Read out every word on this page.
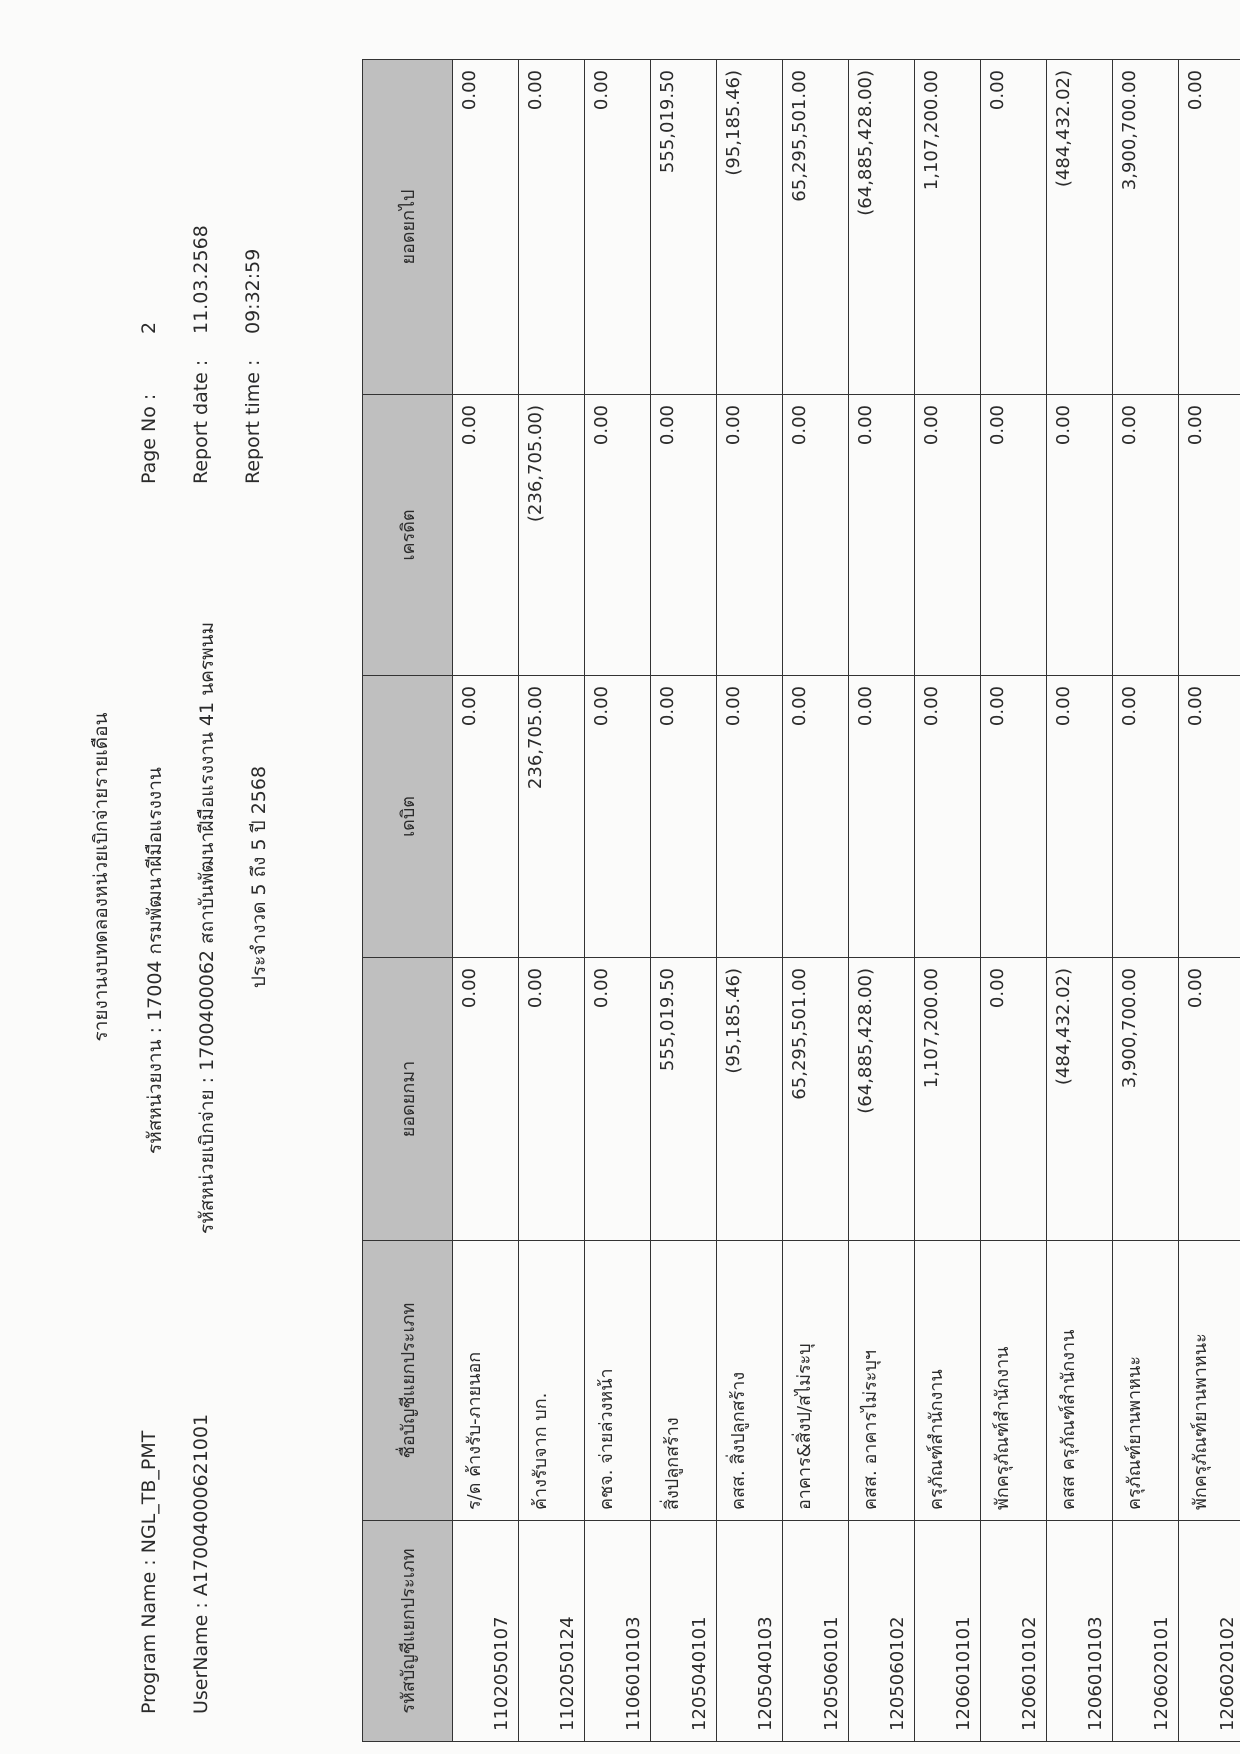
รายงานงบทดลองหน่วยเบิกจ่ายรายเดือน รหัสหน่วยงาน : 17004 กรมพัฒนาฝีมือแรงงาน รหัสหน่วยเบิกจ่าย : 1700400062 สถาบันพัฒนาฝีมือแรงงาน 41 นครพนม ประจำงวด 5 ถึง 5 ปี 2568
Program Name : NGL_TB_PMT UserName : A17004000621001
Page No :2
Report date :11.03.2568
Report time :09:32:59
รหัสบัญชีแยกประเภท	ชื่อบัญชีแยกประเภท	ยอดยกมา	เดบิต	เครดิต	ยอดยกไป
1102050107	ร/ด ค้างรับ-ภายนอก	0.00	0.00	0.00	0.00
1102050124	ค้างรับจาก บก.	0.00	236,705.00	(236,705.00)	0.00
1106010103	คชจ. จ่ายล่วงหน้า	0.00	0.00	0.00	0.00
1205040101	สิ่งปลูกสร้าง	555,019.50	0.00	0.00	555,019.50
1205040103	คสส. สิ่งปลูกสร้าง	(95,185.46)	0.00	0.00	(95,185.46)
1205060101	อาคาร&สิ่งป/สไม่ระบุ	65,295,501.00	0.00	0.00	65,295,501.00
1205060102	คสส. อาคารไม่ระบุฯ	(64,885,428.00)	0.00	0.00	(64,885,428.00)
1206010101	ครุภัณฑ์สำนักงาน	1,107,200.00	0.00	0.00	1,107,200.00
1206010102	พักครุภัณฑ์สำนักงาน	0.00	0.00	0.00	0.00
1206010103	คสส ครุภัณฑ์สำนักงาน	(484,432.02)	0.00	0.00	(484,432.02)
1206020101	ครุภัณฑ์ยานพาหนะ	3,900,700.00	0.00	0.00	3,900,700.00
1206020102	พักครุภัณฑ์ยานพาหนะ	0.00	0.00	0.00	0.00
